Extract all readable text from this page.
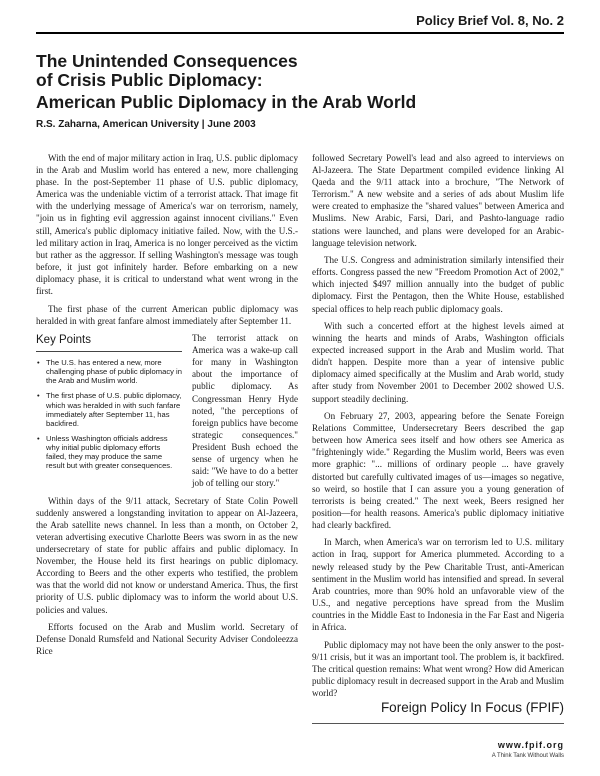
Policy Brief Vol. 8, No. 2
The Unintended Consequences
of Crisis Public Diplomacy:
American Public Diplomacy in the Arab World
R.S. Zaharna, American University | June 2003

With the end of major military action in Iraq, U.S. public diplomacy in the Arab and Muslim world has entered a new, more challenging phase. In the post-September 11 phase of U.S. public diplomacy, America was the undeniable victim of a terrorist attack. That image fit with the underlying message of America's war on terrorism, namely, "join us in fighting evil aggression against innocent civilians." Even still, America's public diplomacy initiative failed. Now, with the U.S.-led military action in Iraq, America is no longer perceived as the victim but rather as the aggressor. If selling Washington's message was tough before, it just got infinitely harder. Before embarking on a new diplomacy phase, it is critical to understand what went wrong in the first.

The first phase of the current American public diplomacy was heralded in with great fanfare almost immediately after September 11.

Key Points
• The U.S. has entered a new, more challenging phase of public diplomacy in the Arab and Muslim world.
• The first phase of U.S. public diplomacy, which was heralded in with such fanfare immediately after September 11, has backfired.
• Unless Washington officials address why initial public diplomacy efforts failed, they may produce the same result but with greater consequences.

The terrorist attack on America was a wake-up call for many in Washington about the importance of public diplomacy. As Congressman Henry Hyde noted, "the perceptions of foreign publics have become strategic consequences." President Bush echoed the sense of urgency when he said: "We have to do a better job of telling our story."

Within days of the 9/11 attack, Secretary of State Colin Powell suddenly answered a longstanding invitation to appear on Al-Jazeera, the Arab satellite news channel. In less than a month, on October 2, veteran advertising executive Charlotte Beers was sworn in as the new undersecretary of state for public affairs and public diplomacy. In November, the House held its first hearings on public diplomacy. According to Beers and the other experts who testified, the problem was that the world did not know or understand America. Thus, the first priority of U.S. public diplomacy was to inform the world about U.S. policies and values.

Efforts focused on the Arab and Muslim world. Secretary of Defense Donald Rumsfeld and National Security Adviser Condoleezza Rice

followed Secretary Powell's lead and also agreed to interviews on Al-Jazeera. The State Department compiled evidence linking Al Qaeda and the 9/11 attack into a brochure, "The Network of Terrorism." A new website and a series of ads about Muslim life were created to emphasize the "shared values" between America and Muslims. New Arabic, Farsi, Dari, and Pashto-language radio stations were launched, and plans were developed for an Arabic-language television network.

The U.S. Congress and administration similarly intensified their efforts. Congress passed the new "Freedom Promotion Act of 2002," which injected $497 million annually into the budget of public diplomacy. First the Pentagon, then the White House, established special offices to help reach public diplomacy goals.

With such a concerted effort at the highest levels aimed at winning the hearts and minds of Arabs, Washington officials expected increased support in the Arab and Muslim world. That didn't happen. Despite more than a year of intensive public diplomacy aimed specifically at the Muslim and Arab world, study after study from November 2001 to December 2002 showed U.S. support steadily declining.

On February 27, 2003, appearing before the Senate Foreign Relations Committee, Undersecretary Beers described the gap between how America sees itself and how others see America as "frighteningly wide." Regarding the Muslim world, Beers was even more graphic: "... millions of ordinary people ... have gravely distorted but carefully cultivated images of us—images so negative, so weird, so hostile that I can assure you a young generation of terrorists is being created." The next week, Beers resigned her position—for health reasons. America's public diplomacy initiative had clearly backfired.

In March, when America's war on terrorism led to U.S. military action in Iraq, support for America plummeted. According to a newly released study by the Pew Charitable Trust, anti-American sentiment in the Muslim world has intensified and spread. In several Arab countries, more than 90% hold an unfavorable view of the U.S., and negative perceptions have spread from the Muslim countries in the Middle East to Indonesia in the Far East and Nigeria in Africa.

Public diplomacy may not have been the only answer to the post-9/11 crisis, but it was an important tool. The problem is, it backfired. The critical question remains: What went wrong? How did American public diplomacy result in decreased support in the Arab and Muslim world?

Foreign Policy In Focus (FPIF)
www.fpif.org
A Think Tank Without Walls
